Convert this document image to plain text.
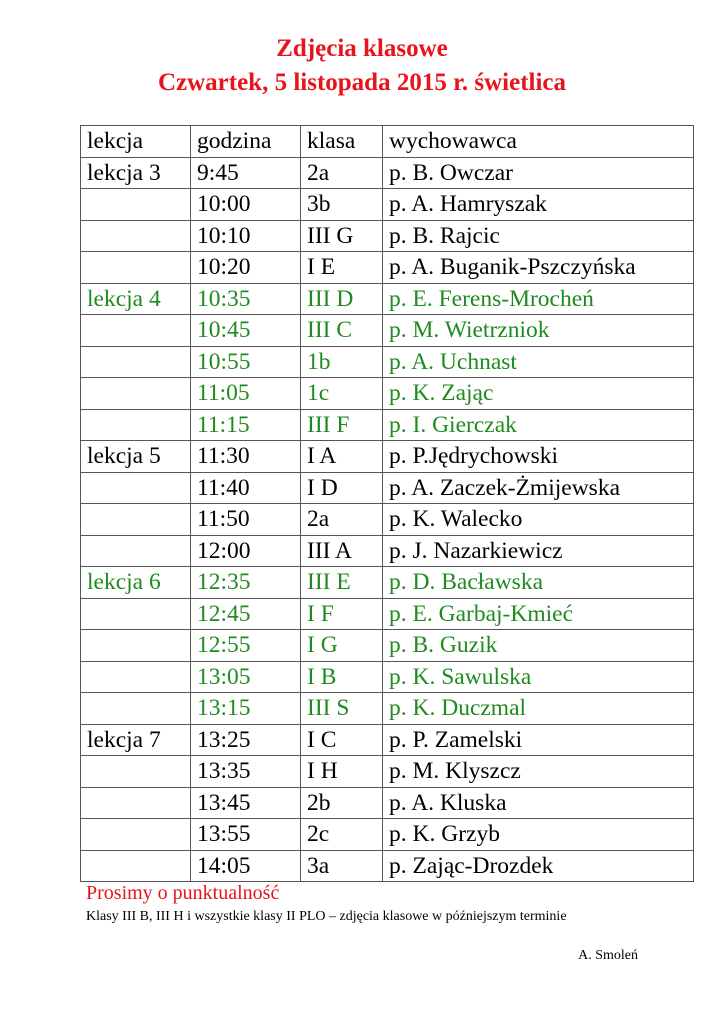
Zdjęcia klasowe
Czwartek, 5 listopada 2015 r. świetlica
lekcja	godzina	klasa	wychowawca
lekcja 3	9:45	2a	p. B. Owczar
	10:00	3b	p. A. Hamryszak
	10:10	III G	p. B. Rajcic
	10:20	I E	p. A. Buganik-Pszczyńska
lekcja 4	10:35	III D	p. E. Ferens-Mrocheń
	10:45	III C	p. M. Wietrzniok
	10:55	1b	p. A. Uchnast
	11:05	1c	p. K. Zając
	11:15	III F	p. I. Gierczak
lekcja 5	11:30	I A	p. P.Jędrychowski
	11:40	I D	p. A. Zaczek-Żmijewska
	11:50	2a	p. K. Walecko
	12:00	III A	p. J. Nazarkiewicz
lekcja 6	12:35	III E	p. D. Bacławska
	12:45	I F	p. E. Garbaj-Kmieć
	12:55	I G	p. B. Guzik
	13:05	I B	p. K. Sawulska
	13:15	III S	p. K. Duczmal
lekcja 7	13:25	I C	p. P. Zamelski
	13:35	I H	p. M. Klyszcz
	13:45	2b	p. A. Kluska
	13:55	2c	p. K. Grzyb
	14:05	3a	p. Zając-Drozdek
Prosimy o punktualność
Klasy III B, III H i wszystkie klasy II PLO – zdjęcia klasowe w późniejszym terminie
A. Smoleń
